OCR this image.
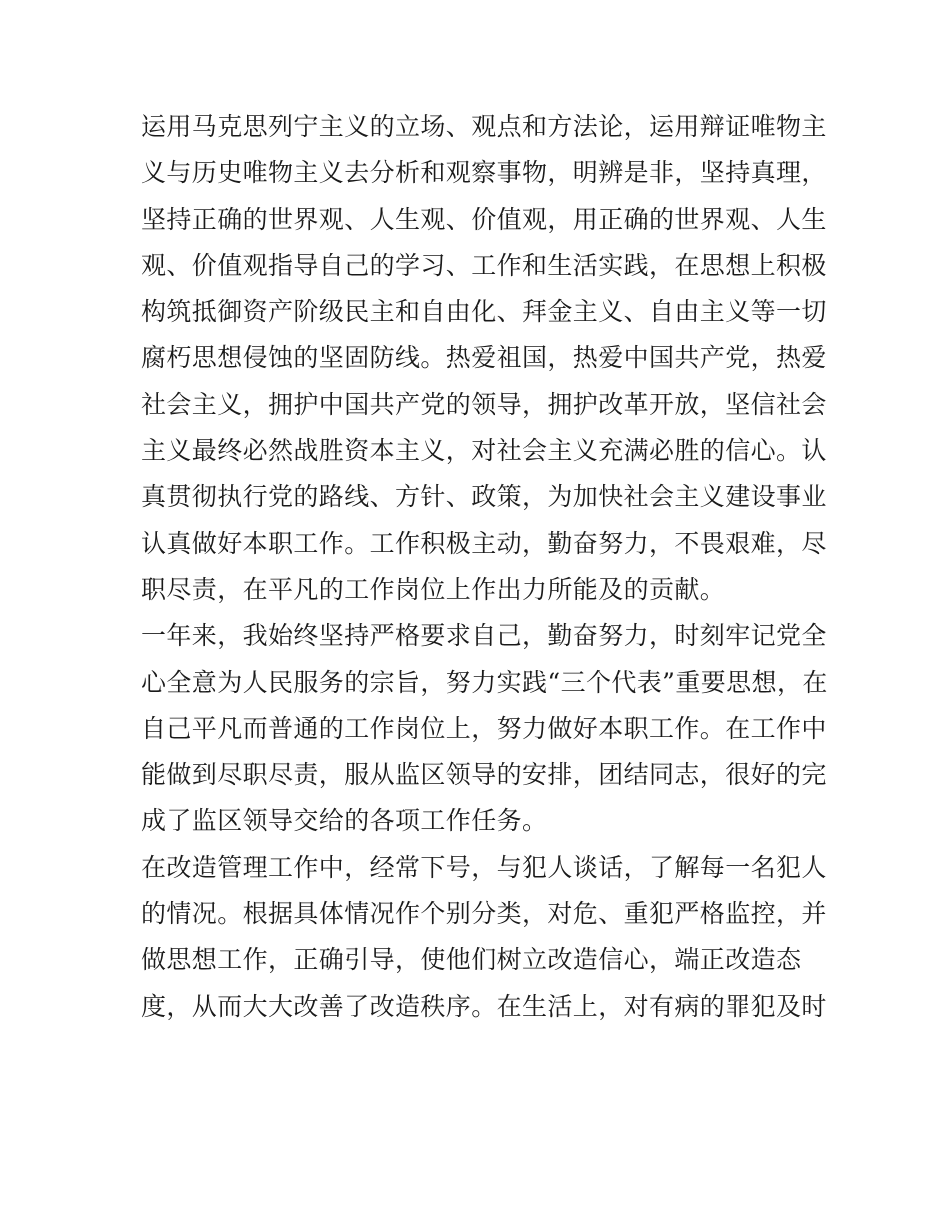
运用马克思列宁主义的立场、观点和方法论，运用辩证唯物主
义与历史唯物主义去分析和观察事物，明辨是非，坚持真理，
坚持正确的世界观、人生观、价值观，用正确的世界观、人生
观、价值观指导自己的学习、工作和生活实践，在思想上积极
构筑抵御资产阶级民主和自由化、拜金主义、自由主义等一切
腐朽思想侵蚀的坚固防线。热爱祖国，热爱中国共产党，热爱
社会主义，拥护中国共产党的领导，拥护改革开放，坚信社会
主义最终必然战胜资本主义，对社会主义充满必胜的信心。认
真贯彻执行党的路线、方针、政策，为加快社会主义建设事业
认真做好本职工作。工作积极主动，勤奋努力，不畏艰难，尽
职尽责，在平凡的工作岗位上作出力所能及的贡献。
一年来，我始终坚持严格要求自己，勤奋努力，时刻牢记党全
心全意为人民服务的宗旨，努力实践“三个代表”重要思想，在
自己平凡而普通的工作岗位上，努力做好本职工作。在工作中
能做到尽职尽责，服从监区领导的安排，团结同志，很好的完
成了监区领导交给的各项工作任务。
在改造管理工作中，经常下号，与犯人谈话，了解每一名犯人
的情况。根据具体情况作个别分类，对危、重犯严格监控，并
做思想工作，正确引导，使他们树立改造信心，端正改造态
度，从而大大改善了改造秩序。在生活上，对有病的罪犯及时
